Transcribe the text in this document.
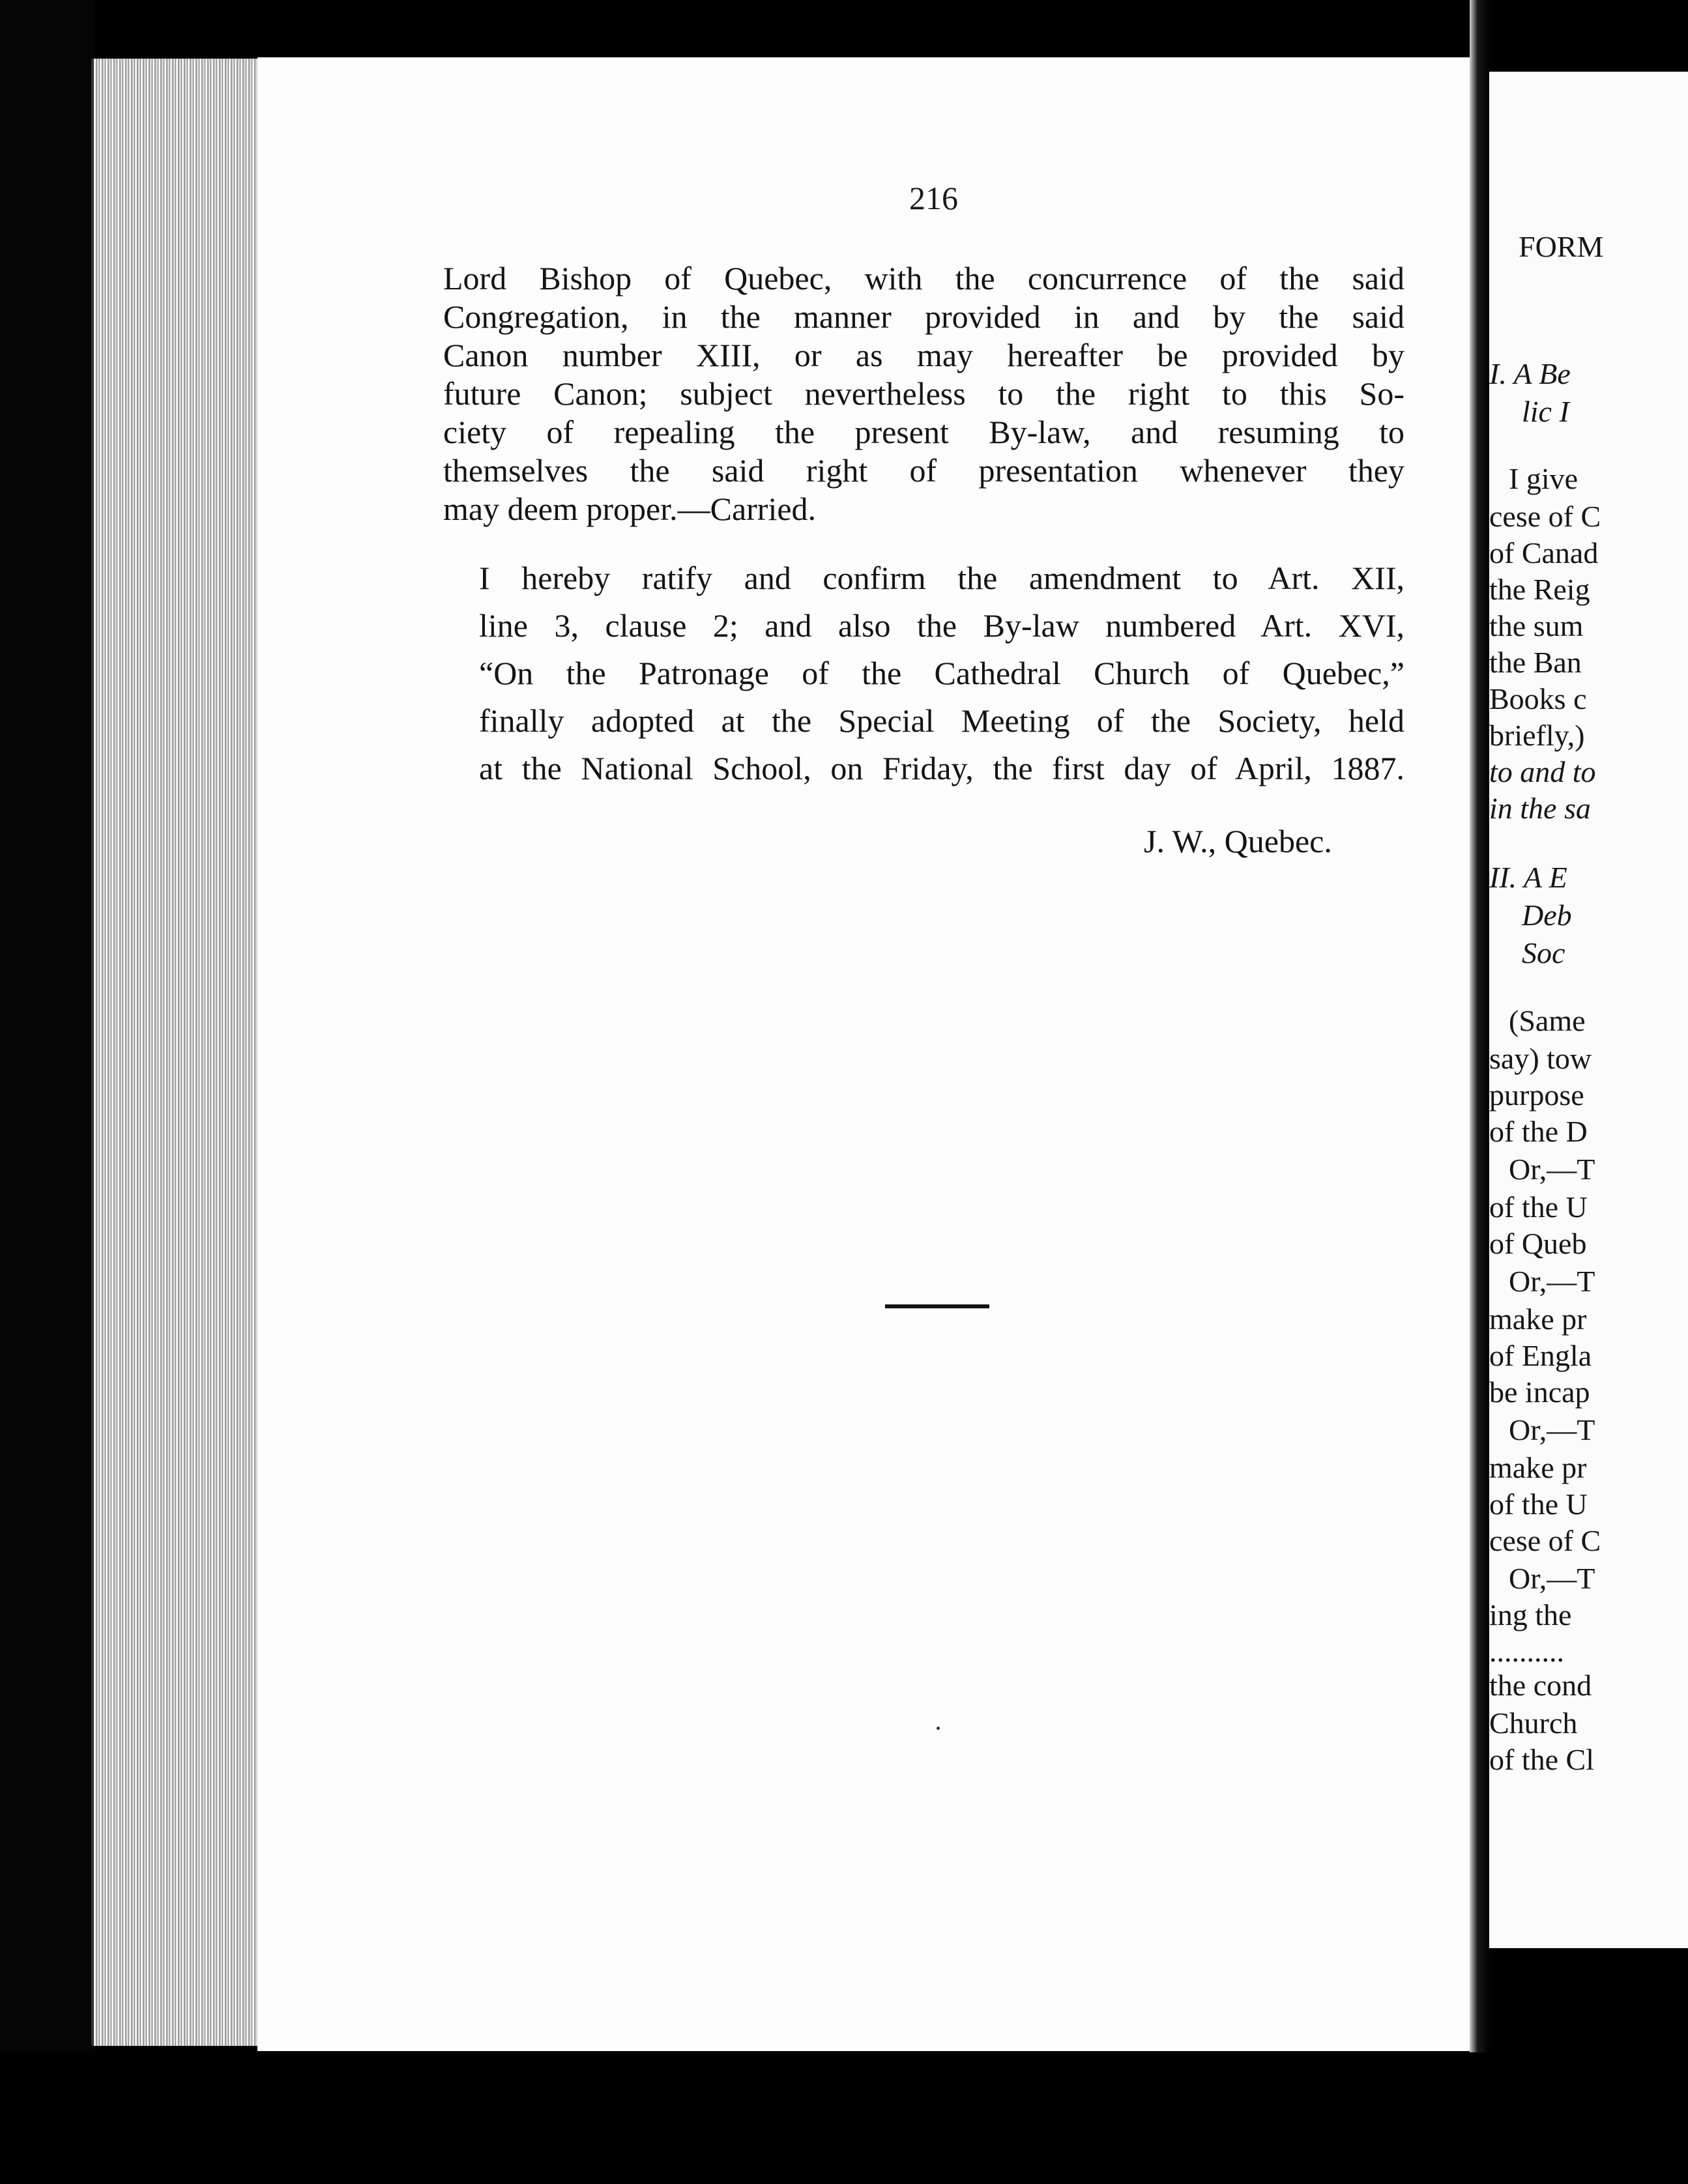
FORM
I. A Be
lic I
I give
cese of C
of Canad
the Reig
the sum
the Ban
Books c
briefly,)
to and to
in the sa
II. A E
Deb
Soc
(Same
say) tow
purpose
of the D
Or,—T
of the U
of Queb
Or,—T
make pr
of Engla
be incap
Or,—T
make pr
of the U
cese of C
Or,—T
ing the
..........
the cond
Church
of the Cl
216

Lord Bishop of Quebec, with the concurrence of the said
Congregation, in the manner provided in and by the said
Canon number XIII, or as may hereafter be provided by
future Canon; subject nevertheless to the right to this So-
ciety of repealing the present By-law, and resuming to
themselves the said right of presentation whenever they
may deem proper.—Carried.

I hereby ratify and confirm the amendment to Art. XII,
line 3, clause 2; and also the By-law numbered Art. XVI,
“On the Patronage of the Cathedral Church of Quebec,”
finally adopted at the Special Meeting of the Society, held
at the National School, on Friday, the first day of April, 1887.

J. W., Quebec.
